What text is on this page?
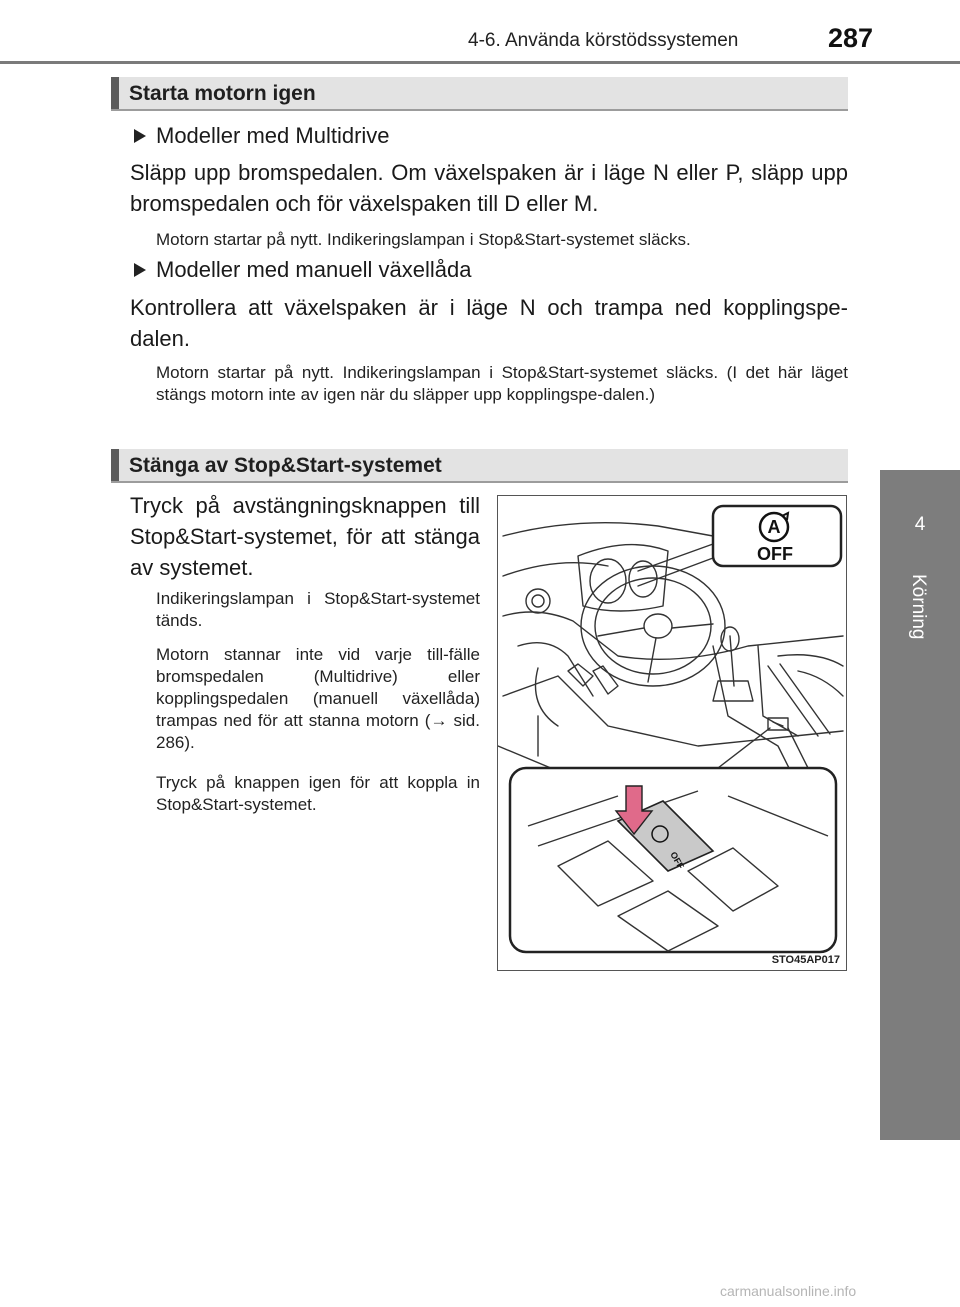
4-6. Använda körstödssystemen	287
4
Körning
Starta motorn igen
Modeller med Multidrive

Släpp upp bromspedalen. Om växelspaken är i läge N eller P, släpp upp bromspedalen och för växelspaken till D eller M.

Motorn startar på nytt. Indikeringslampan i Stop&Start-systemet släcks.

Modeller med manuell växellåda

Kontrollera att växelspaken är i läge N och trampa ned kopplingspe-dalen.

Motorn startar på nytt. Indikeringslampan i Stop&Start-systemet släcks. (I det här läget stängs motorn inte av igen när du släpper upp kopplingspe-dalen.)

Stänga av Stop&Start-systemet

Tryck på avstängningsknappen till Stop&Start-systemet, för att stänga av systemet.

Indikeringslampan i Stop&Start-systemet tänds.

Motorn stannar inte vid varje till-fälle bromspedalen (Multidrive) eller kopplingspedalen (manuell växellåda) trampas ned för att stanna motorn (→ sid. 286).

Tryck på knappen igen för att koppla in Stop&Start-systemet.

A
OFF
OFF
STO45AP017
carmanualsonline.info
